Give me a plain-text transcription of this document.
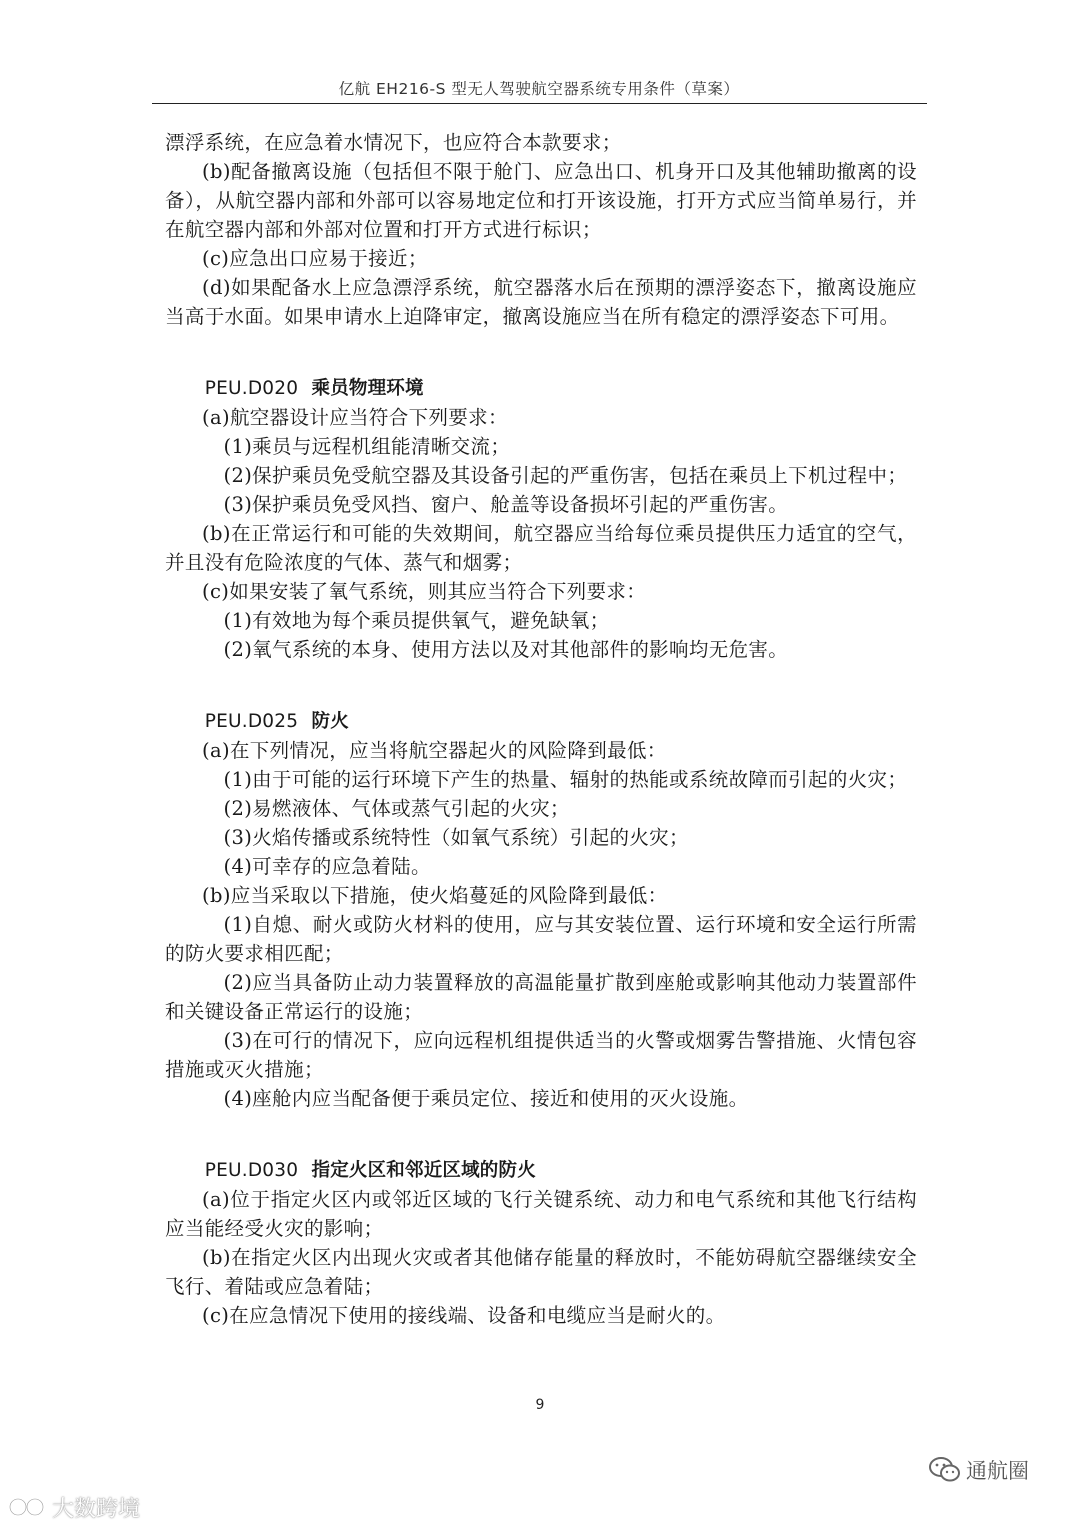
亿航 EH216-S 型无人驾驶航空器系统专用条件（草案）

漂浮系统，在应急着水情况下，也应符合本款要求；

(b)配备撤离设施（包括但不限于舱门、应急出口、机身开口及其他辅助撤离的设备），从航空器内部和外部可以容易地定位和打开该设施，打开方式应当简单易行，并在航空器内部和外部对位置和打开方式进行标识；

(c)应急出口应易于接近；

(d)如果配备水上应急漂浮系统，航空器落水后在预期的漂浮姿态下，撤离设施应当高于水面。如果申请水上迫降审定，撤离设施应当在所有稳定的漂浮姿态下可用。

PEU.D020 乘员物理环境

(a)航空器设计应当符合下列要求：

(1)乘员与远程机组能清晰交流；

(2)保护乘员免受航空器及其设备引起的严重伤害，包括在乘员上下机过程中；

(3)保护乘员免受风挡、窗户、舱盖等设备损坏引起的严重伤害。

(b)在正常运行和可能的失效期间，航空器应当给每位乘员提供压力适宜的空气，并且没有危险浓度的气体、蒸气和烟雾；

(c)如果安装了氧气系统，则其应当符合下列要求：

(1)有效地为每个乘员提供氧气，避免缺氧；

(2)氧气系统的本身、使用方法以及对其他部件的影响均无危害。

PEU.D025 防火

(a)在下列情况，应当将航空器起火的风险降到最低：

(1)由于可能的运行环境下产生的热量、辐射的热能或系统故障而引起的火灾；

(2)易燃液体、气体或蒸气引起的火灾；

(3)火焰传播或系统特性（如氧气系统）引起的火灾；

(4)可幸存的应急着陆。

(b)应当采取以下措施，使火焰蔓延的风险降到最低：

(1)自熄、耐火或防火材料的使用，应与其安装位置、运行环境和安全运行所需的防火要求相匹配；

(2)应当具备防止动力装置释放的高温能量扩散到座舱或影响其他动力装置部件和关键设备正常运行的设施；

(3)在可行的情况下，应向远程机组提供适当的火警或烟雾告警措施、火情包容措施或灭火措施；

(4)座舱内应当配备便于乘员定位、接近和使用的灭火设施。

PEU.D030 指定火区和邻近区域的防火

(a)位于指定火区内或邻近区域的飞行关键系统、动力和电气系统和其他飞行结构应当能经受火灾的影响；

(b)在指定火区内出现火灾或者其他储存能量的释放时，不能妨碍航空器继续安全飞行、着陆或应急着陆；

(c)在应急情况下使用的接线端、设备和电缆应当是耐火的。

9
通航圈
大数跨境
